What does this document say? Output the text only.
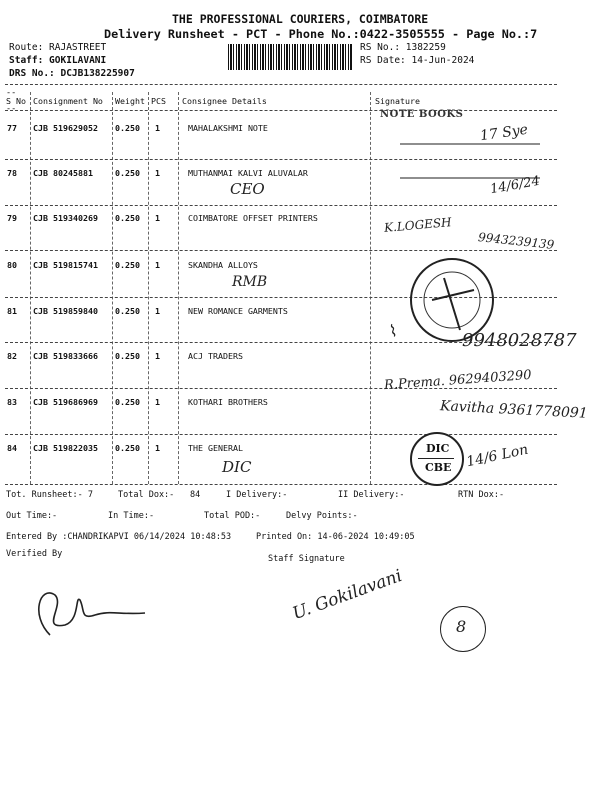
THE PROFESSIONAL COURIERS, COIMBATORE
Delivery Runsheet - PCT - Phone No.:0422-3505555 - Page No.:7
Route: RAJASTREET
Staff: GOKILAVANI
DRS No.: DCJB138225907
RS No.: 1382259
RS Date: 14-Jun-2024
--
S No Consignment No Weight PCS Consignee Details	Signature
--
77 CJB 519629052 0.250 1	MAHALAKSHMI NOTE
78 CJB 80245881	0.250 1	MUTHANMAI KALVI ALUVALAR
CEO
79 CJB 519340269 0.250 1	COIMBATORE OFFSET PRINTERS
80 CJB 519815741 0.250 1	SKANDHA ALLOYS
RMB
81 CJB 519859840 0.250 1	NEW ROMANCE GARMENTS
82 CJB 519833666 0.250 1	ACJ TRADERS
83 CJB 519686969 0.250 1	KOTHARI BROTHERS
84 CJB 519822035 0.250 1	THE GENERAL
DIC
NOTE BOOKS
17 Sye
14/6/24
K.LOGESH
9943239139
⌇	9948028787
R.Prema. 9629403290
Kavitha 9361778091
DIC
CBE 14/6 Lon
Tot. Runsheet:- 7	Total Dox:- 84	I Delivery:-	II Delivery:-	RTN Dox:-
Out Time:-	In Time:-	Total POD:-	Delvy Points:-
Entered By :CHANDRIKAPVI 06/14/2024 10:48:53	Printed On: 14-06-2024 10:49:05
Verified By	Staff Signature
U. Gokilavani
8
